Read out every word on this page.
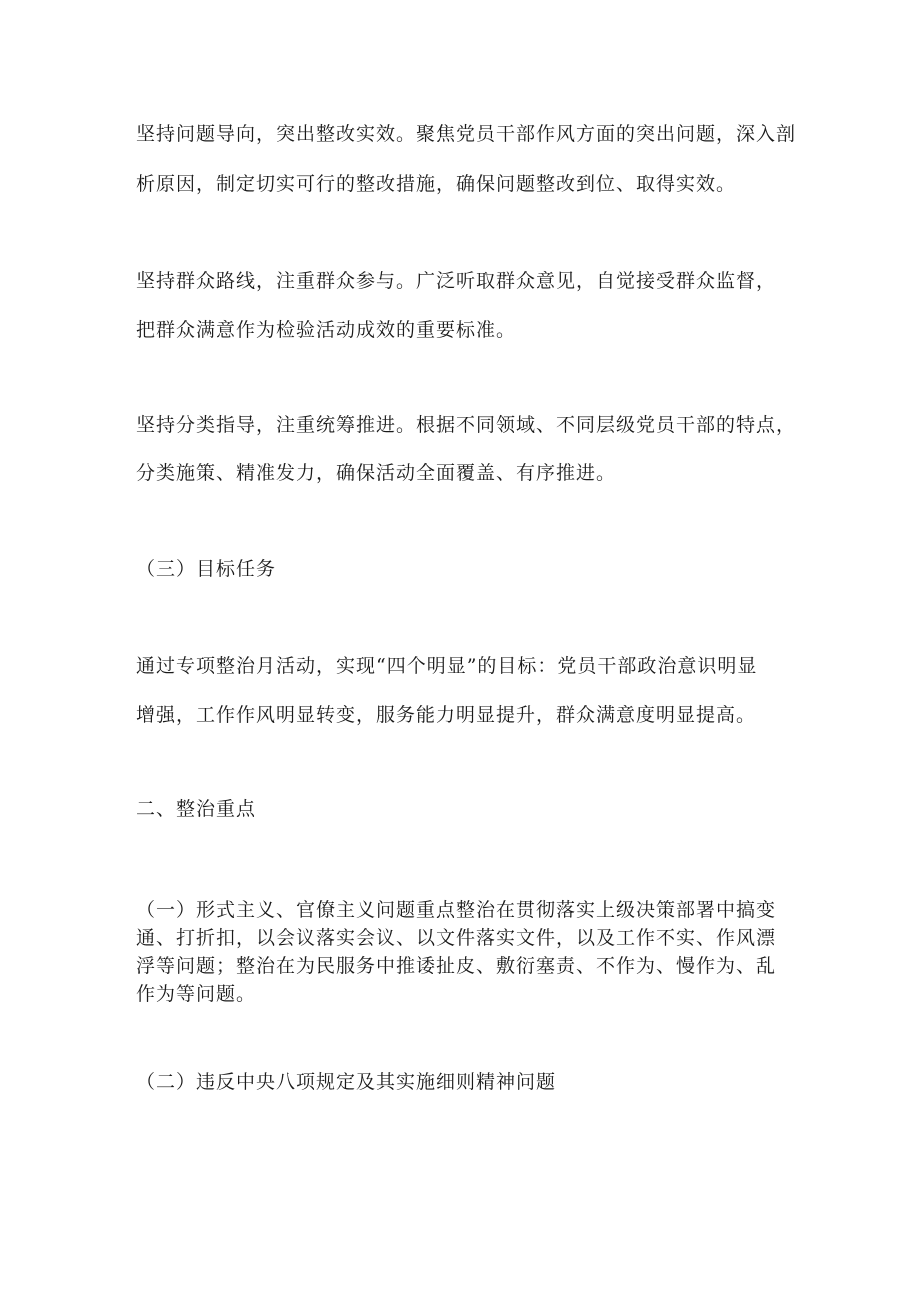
坚持问题导向，突出整改实效。聚焦党员干部作风方面的突出问题，深入剖
析原因，制定切实可行的整改措施，确保问题整改到位、取得实效。
坚持群众路线，注重群众参与。广泛听取群众意见，自觉接受群众监督，
把群众满意作为检验活动成效的重要标准。
坚持分类指导，注重统筹推进。根据不同领域、不同层级党员干部的特点，
分类施策、精准发力，确保活动全面覆盖、有序推进。
（三）目标任务
通过专项整治月活动，实现“四个明显”的目标：党员干部政治意识明显
增强，工作作风明显转变，服务能力明显提升，群众满意度明显提高。
二、整治重点
（一）形式主义、官僚主义问题重点整治在贯彻落实上级决策部署中搞变
通、打折扣，以会议落实会议、以文件落实文件，以及工作不实、作风漂
浮等问题；整治在为民服务中推诿扯皮、敷衍塞责、不作为、慢作为、乱
作为等问题。
（二）违反中央八项规定及其实施细则精神问题
